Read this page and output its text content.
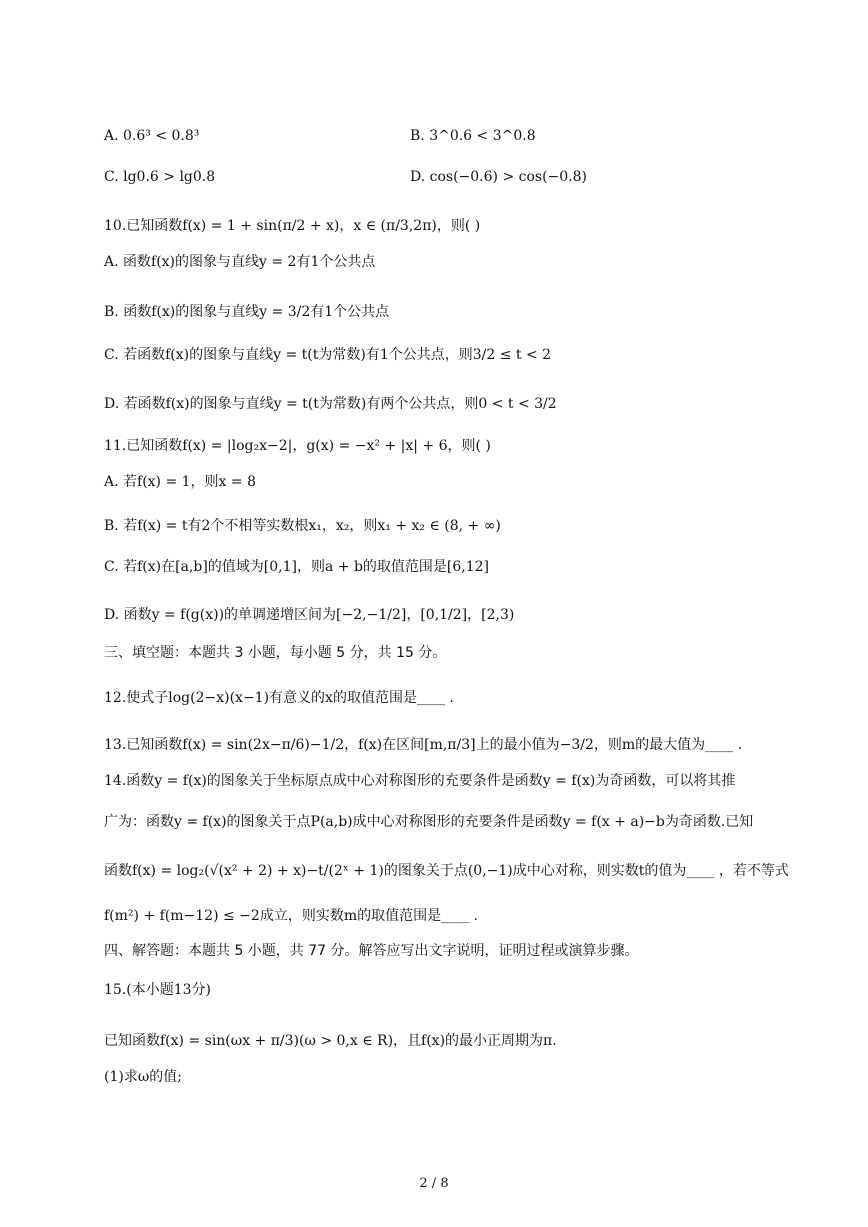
A. 0.6³ < 0.8³	B. 3^0.6 < 3^0.8
C. lg0.6 > lg0.8	D. cos(−0.6) > cos(−0.8)
10.已知函数f(x) = 1 + sin(π/2 + x)，x ∈ (π/3,2π)，则( )
A. 函数f(x)的图象与直线y = 2有1个公共点
B. 函数f(x)的图象与直线y = 3/2有1个公共点
C. 若函数f(x)的图象与直线y = t(t为常数)有1个公共点，则3/2 ≤ t < 2
D. 若函数f(x)的图象与直线y = t(t为常数)有两个公共点，则0 < t < 3/2
11.已知函数f(x) = |log₂x−2|，g(x) = −x² + |x| + 6，则( )
A. 若f(x) = 1，则x = 8
B. 若f(x) = t有2个不相等实数根x₁，x₂，则x₁ + x₂ ∈ (8, + ∞)
C. 若f(x)在[a,b]的值域为[0,1]，则a + b的取值范围是[6,12]
D. 函数y = f(g(x))的单调递增区间为[−2,−1/2]，[0,1/2]，[2,3)
三、填空题：本题共 3 小题，每小题 5 分，共 15 分。
12.使式子log(2−x)(x−1)有意义的x的取值范围是____ .
13.已知函数f(x) = sin(2x−π/6)−1/2，f(x)在区间[m,π/3]上的最小值为−3/2，则m的最大值为____ .
14.函数y = f(x)的图象关于坐标原点成中心对称图形的充要条件是函数y = f(x)为奇函数，可以将其推
广为：函数y = f(x)的图象关于点P(a,b)成中心对称图形的充要条件是函数y = f(x + a)−b为奇函数.已知
函数f(x) = log₂(√(x² + 2) + x)−t/(2ˣ + 1)的图象关于点(0,−1)成中心对称，则实数t的值为____ ，若不等式
f(m²) + f(m−12) ≤ −2成立，则实数m的取值范围是____ .
四、解答题：本题共 5 小题，共 77 分。解答应写出文字说明，证明过程或演算步骤。
15.(本小题13分)
已知函数f(x) = sin(ωx + π/3)(ω > 0,x ∈ R)，且f(x)的最小正周期为π.
(1)求ω的值;
2 / 8
